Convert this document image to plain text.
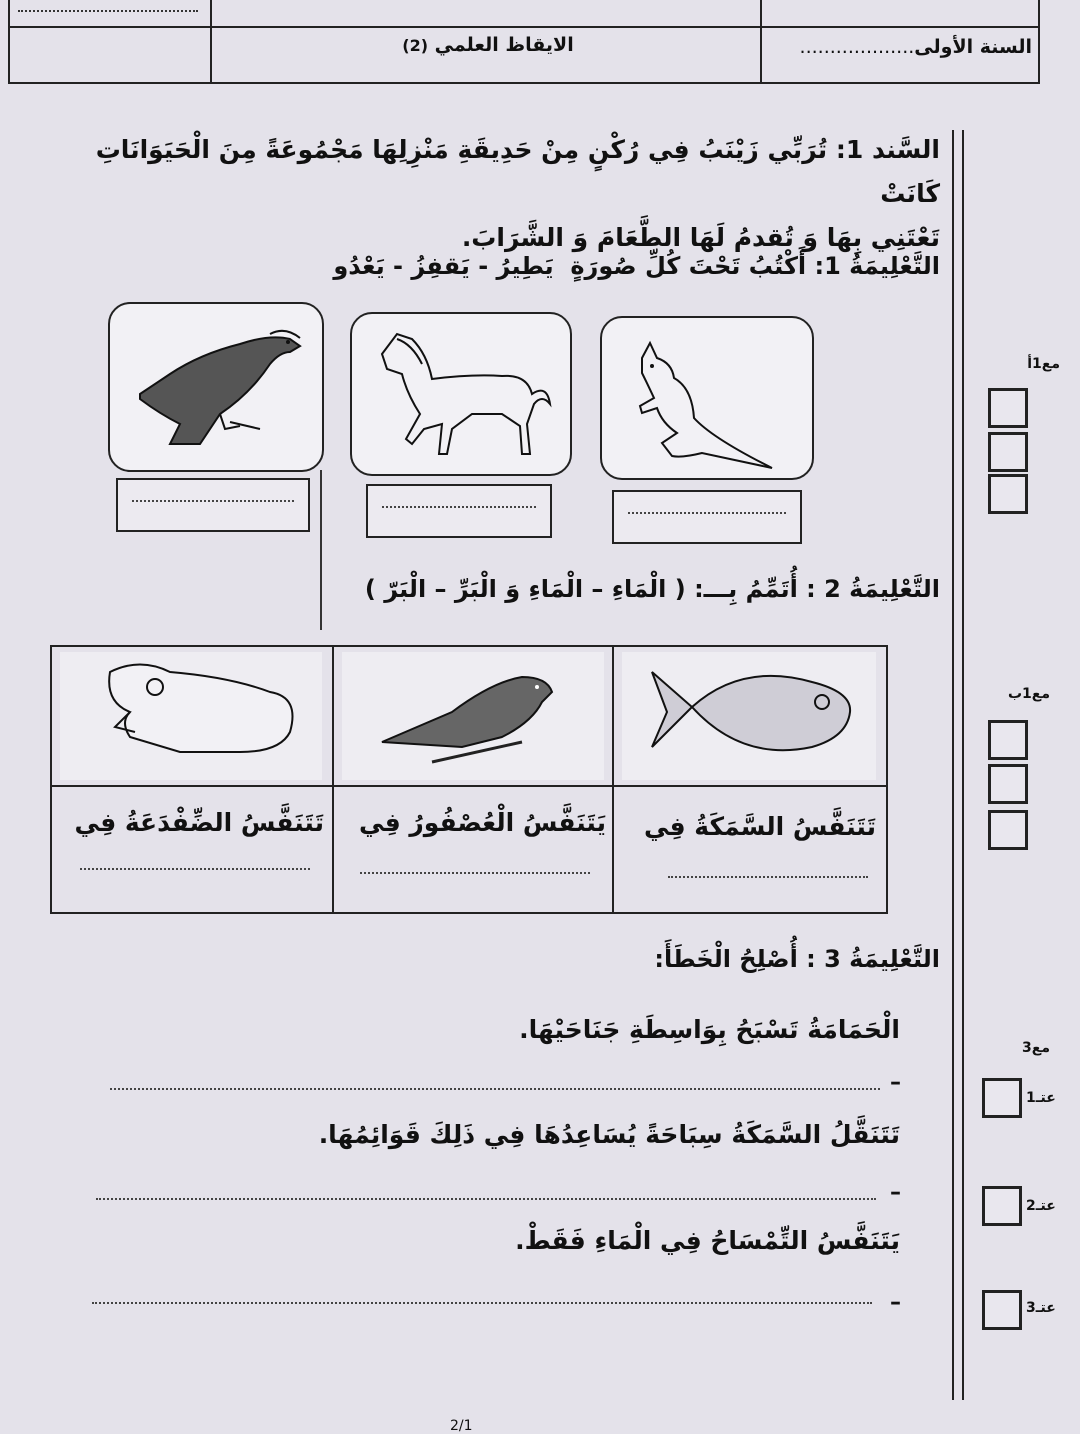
الايقاظ العلمي (2)	السنة الأولى...................
السَّند 1: تُرَبِّي زَيْنَبُ فِي رُكْنٍ مِنْ حَدِيقَةِ مَنْزِلِهَا مَجْمُوعَةً مِنَ الْحَيَوَانَاتِ كَانَتْ
تَعْتَنِي بِهَا وَ تُقدمُ لَهَا الطَّعَامَ وَ الشَّرَابَ.
التَّعْلِيمَةُ 1: أَكْتُبُ تَحْتَ كُلِّ صُورَةٍ  يَطِيرُ - يَقفِزُ - يَعْدُو
التَّعْلِيمَةُ 2 : أُتَمِّمُ بِـــ: ( الْمَاءِ – الْمَاءِ وَ الْبَرِّ – الْبَرّ )
تَتَنَفَّسُ الضِّفْدَعَةُ فِي	يَتَنَفَّسُ الْعُصْفُورُ فِي	تَتَنَفَّسُ السَّمَكَةُ فِي
التَّعْلِيمَةُ 3 : أُصْلِحُ الْخَطَأَ:
الْحَمَامَةُ تَسْبَحُ بِوَاسِطَةِ جَنَاحَيْهَا.
–
تَتَنَقَّلُ السَّمَكَةُ سِبَاحَةً يُسَاعِدُهَا فِي ذَلِكَ قَوَائِمُهَا.
–
يَتَنَفَّسُ التِّمْسَاحُ فِي الْمَاءِ فَقَطْ.
–
مع1أ
مع1ب
مع3
عتـ1
عتـ2
عتـ3
2/1
